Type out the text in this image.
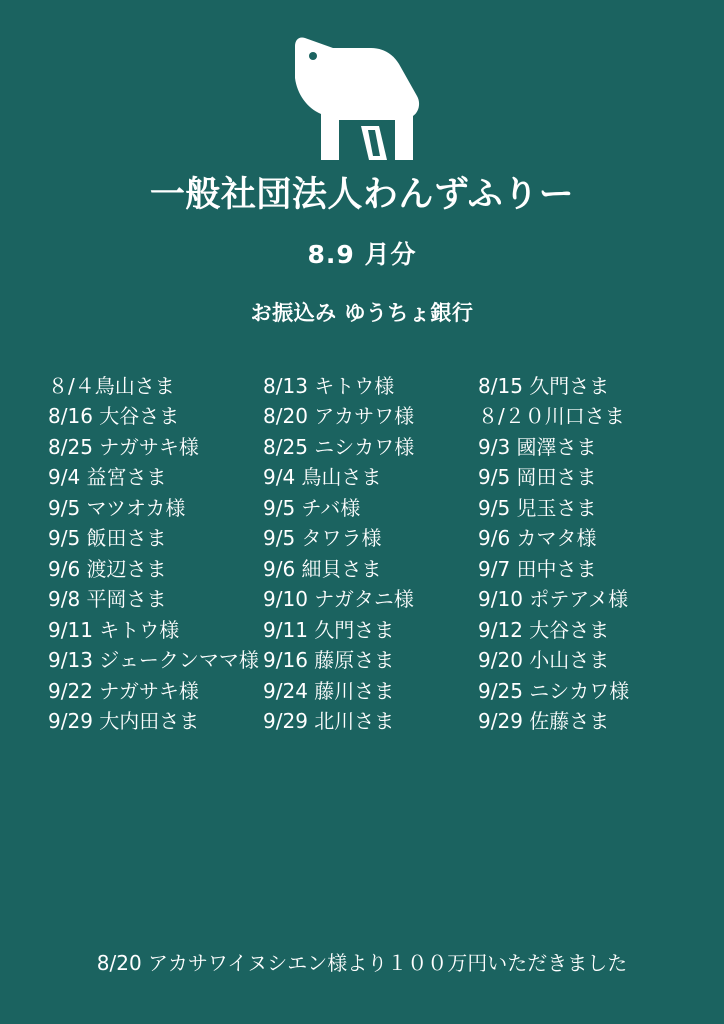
一般社団法人わんずふりー
8.9 月分
お振込み ゆうちょ銀行
８/４鳥山さま
8/16 大谷さま
8/25 ナガサキ様
9/4 益宮さま
9/5 マツオカ様
9/5 飯田さま
9/6 渡辺さま
9/8 平岡さま
9/11 キトウ様
9/13 ジェークンママ様
9/22 ナガサキ様
9/29 大内田さま
8/13 キトウ様
8/20 アカサワ様
8/25 ニシカワ様
9/4 鳥山さま
9/5 チバ様
9/5 タワラ様
9/6 細貝さま
9/10 ナガタニ様
9/11 久門さま
9/16 藤原さま
9/24 藤川さま
9/29 北川さま
8/15 久門さま
８/２０川口さま
9/3 國澤さま
9/5 岡田さま
9/5 児玉さま
9/6 カマタ様
9/7 田中さま
9/10 ポテアメ様
9/12 大谷さま
9/20 小山さま
9/25 ニシカワ様
9/29 佐藤さま
8/20 アカサワイヌシエン様より１００万円いただきました
